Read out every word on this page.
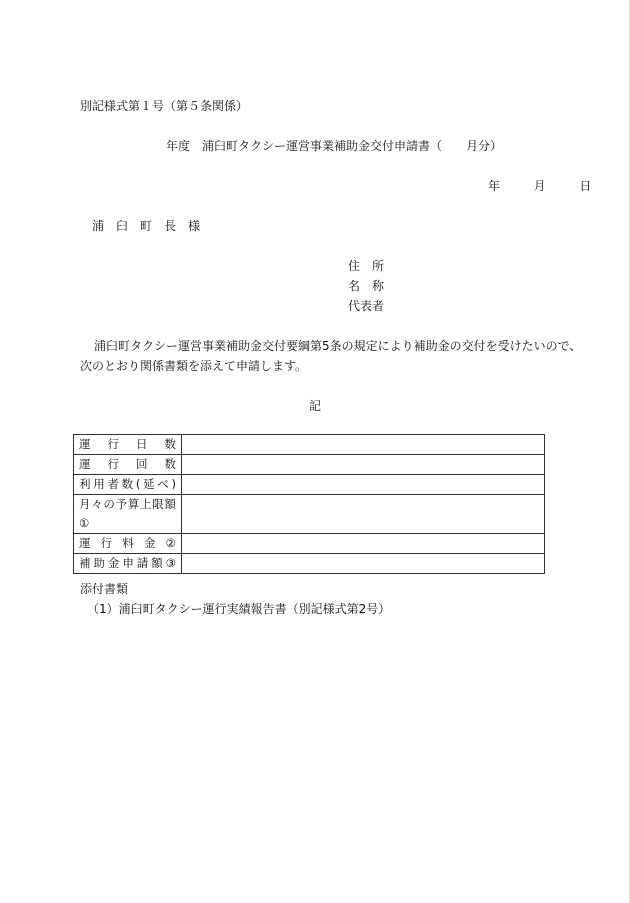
別記様式第１号（第５条関係）
年度　浦臼町タクシー運営事業補助金交付申請書（　　月分）
年	月	日
浦　臼　町　長　様
住　所
名　称
代表者
浦臼町タクシー運営事業補助金交付要綱第5条の規定により補助金の交付を受けたいので、
次のとおり関係書類を添えて申請します。
記
運行日数	
運行回数	
利用者数(延べ)	
月々の予算上限額①	
運行料金②	
補助金申請額③	
添付書類
（1）浦臼町タクシー運行実績報告書（別記様式第2号）
